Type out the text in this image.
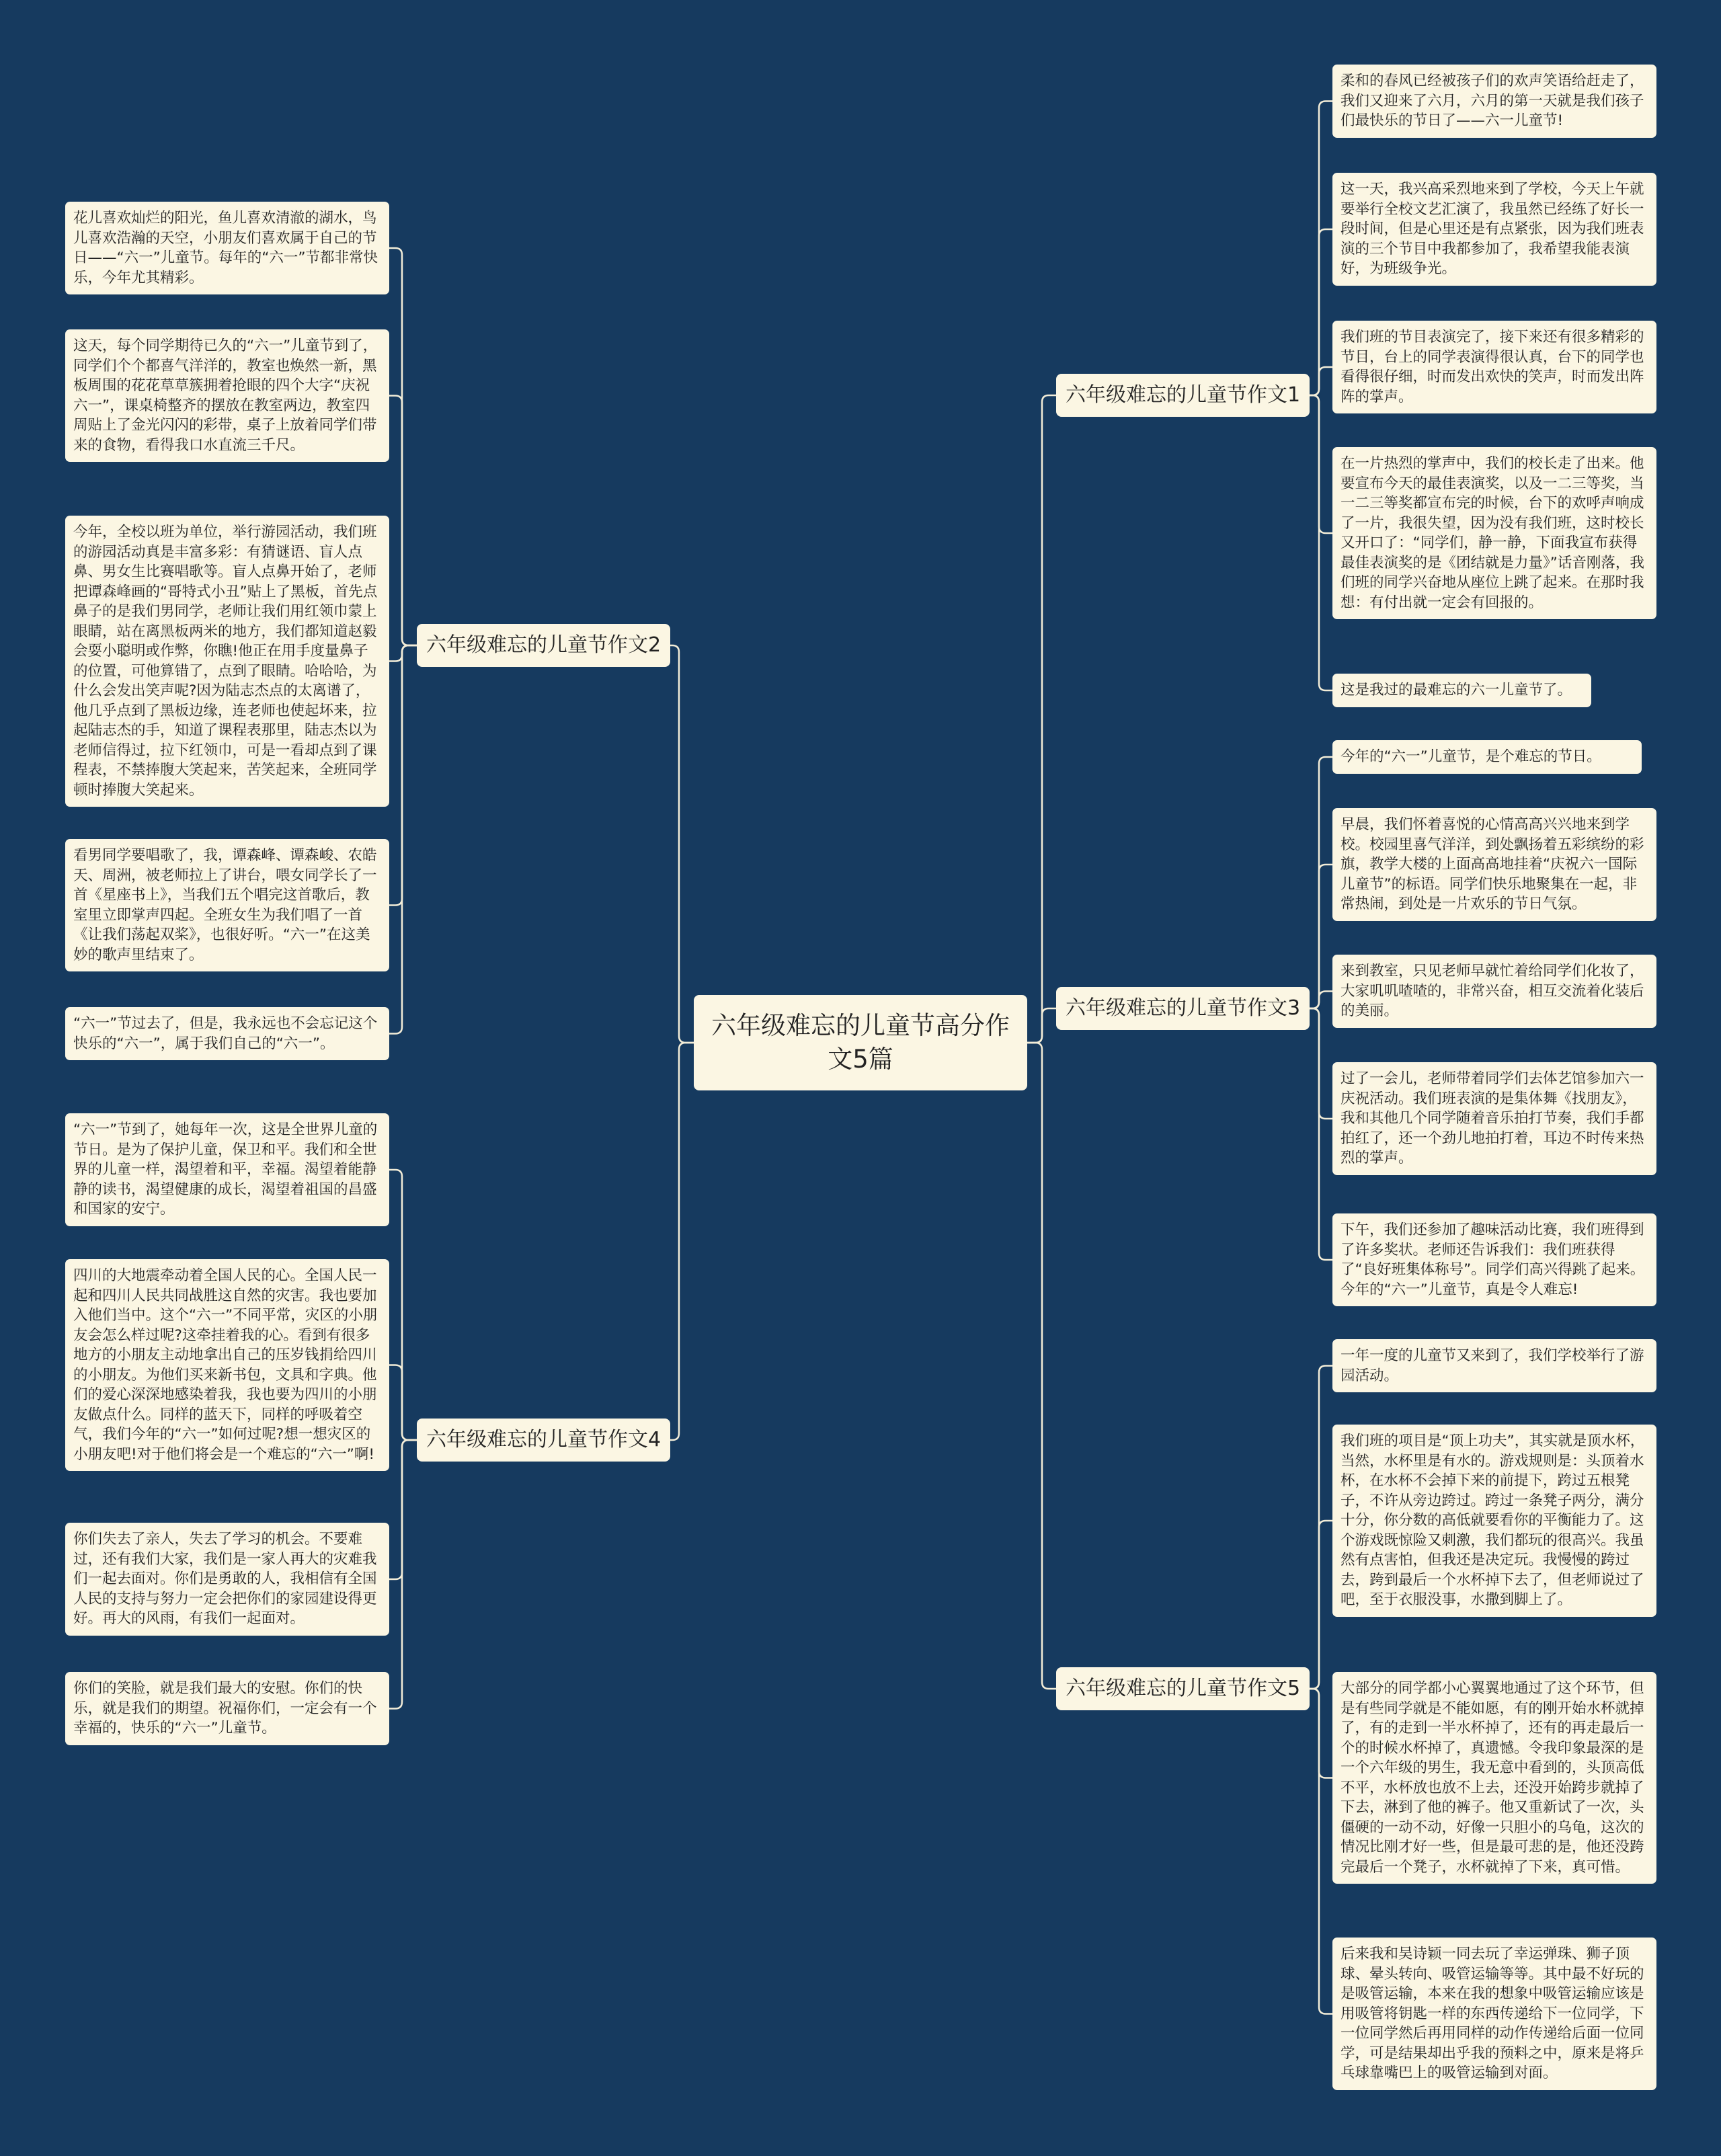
六年级难忘的儿童节高分作文5篇
六年级难忘的儿童节作文1
柔和的春风已经被孩子们的欢声笑语给赶走了，我们又迎来了六月，六月的第一天就是我们孩子们最快乐的节日了——六一儿童节!
这一天，我兴高采烈地来到了学校，今天上午就要举行全校文艺汇演了，我虽然已经练了好长一段时间，但是心里还是有点紧张，因为我们班表演的三个节目中我都参加了，我希望我能表演好，为班级争光。
我们班的节目表演完了，接下来还有很多精彩的节目，台上的同学表演得很认真，台下的同学也看得很仔细，时而发出欢快的笑声，时而发出阵阵的掌声。
在一片热烈的掌声中，我们的校长走了出来。他要宣布今天的最佳表演奖，以及一二三等奖，当一二三等奖都宣布完的时候，台下的欢呼声响成了一片，我很失望，因为没有我们班，这时校长又开口了：“同学们，静一静，下面我宣布获得最佳表演奖的是《团结就是力量》”话音刚落，我们班的同学兴奋地从座位上跳了起来。在那时我想：有付出就一定会有回报的。
这是我过的最难忘的六一儿童节了。
六年级难忘的儿童节作文3
今年的“六一”儿童节，是个难忘的节日。
早晨，我们怀着喜悦的心情高高兴兴地来到学校。校园里喜气洋洋，到处飘扬着五彩缤纷的彩旗，教学大楼的上面高高地挂着“庆祝六一国际儿童节”的标语。同学们快乐地聚集在一起，非常热闹，到处是一片欢乐的节日气氛。
来到教室，只见老师早就忙着给同学们化妆了，大家叽叽喳喳的，非常兴奋，相互交流着化装后的美丽。
过了一会儿，老师带着同学们去体艺馆参加六一庆祝活动。我们班表演的是集体舞《找朋友》，我和其他几个同学随着音乐拍打节奏，我们手都拍红了，还一个劲儿地拍打着，耳边不时传来热烈的掌声。
下午，我们还参加了趣味活动比赛，我们班得到了许多奖状。老师还告诉我们：我们班获得了“良好班集体称号”。同学们高兴得跳了起来。今年的“六一”儿童节，真是令人难忘!
六年级难忘的儿童节作文5
一年一度的儿童节又来到了，我们学校举行了游园活动。
我们班的项目是“顶上功夫”，其实就是顶水杯，当然，水杯里是有水的。游戏规则是：头顶着水杯，在水杯不会掉下来的前提下，跨过五根凳子，不许从旁边跨过。跨过一条凳子两分，满分十分，你分数的高低就要看你的平衡能力了。这个游戏既惊险又刺激，我们都玩的很高兴。我虽然有点害怕，但我还是决定玩。我慢慢的跨过去，跨到最后一个水杯掉下去了，但老师说过了吧，至于衣服没事，水撒到脚上了。
大部分的同学都小心翼翼地通过了这个环节，但是有些同学就是不能如愿，有的刚开始水杯就掉了，有的走到一半水杯掉了，还有的再走最后一个的时候水杯掉了，真遗憾。令我印象最深的是一个六年级的男生，我无意中看到的，头顶高低不平，水杯放也放不上去，还没开始跨步就掉了下去，淋到了他的裤子。他又重新试了一次，头僵硬的一动不动，好像一只胆小的乌龟，这次的情况比刚才好一些，但是最可悲的是，他还没跨完最后一个凳子，水杯就掉了下来，真可惜。
后来我和吴诗颖一同去玩了幸运弹珠、狮子顶球、晕头转向、吸管运输等等。其中最不好玩的是吸管运输，本来在我的想象中吸管运输应该是用吸管将钥匙一样的东西传递给下一位同学，下一位同学然后再用同样的动作传递给后面一位同学，可是结果却出乎我的预料之中，原来是将乒乓球靠嘴巴上的吸管运输到对面。
六年级难忘的儿童节作文2
花儿喜欢灿烂的阳光，鱼儿喜欢清澈的湖水，鸟儿喜欢浩瀚的天空，小朋友们喜欢属于自己的节日——“六一”儿童节。每年的“六一”节都非常快乐，今年尤其精彩。
这天，每个同学期待已久的“六一”儿童节到了，同学们个个都喜气洋洋的，教室也焕然一新，黑板周围的花花草草簇拥着抢眼的四个大字“庆祝六一”，课桌椅整齐的摆放在教室两边，教室四周贴上了金光闪闪的彩带，桌子上放着同学们带来的食物，看得我口水直流三千尺。
今年，全校以班为单位，举行游园活动，我们班的游园活动真是丰富多彩：有猜谜语、盲人点鼻、男女生比赛唱歌等。盲人点鼻开始了，老师把谭森峰画的“哥特式小丑”贴上了黑板，首先点鼻子的是我们男同学，老师让我们用红领巾蒙上眼睛，站在离黑板两米的地方，我们都知道赵毅会耍小聪明或作弊，你瞧!他正在用手度量鼻子的位置，可他算错了，点到了眼睛。哈哈哈，为什么会发出笑声呢?因为陆志杰点的太离谱了，他几乎点到了黑板边缘，连老师也使起坏来，拉起陆志杰的手，知道了课程表那里，陆志杰以为老师信得过，拉下红领巾，可是一看却点到了课程表，不禁捧腹大笑起来，苦笑起来，全班同学顿时捧腹大笑起来。
看男同学要唱歌了，我，谭森峰、谭森峻、农皓天、周洲，被老师拉上了讲台，喂女同学长了一首《星座书上》，当我们五个唱完这首歌后，教室里立即掌声四起。全班女生为我们唱了一首《让我们荡起双桨》，也很好听。“六一”在这美妙的歌声里结束了。
“六一”节过去了，但是，我永远也不会忘记这个快乐的“六一”，属于我们自己的“六一”。
六年级难忘的儿童节作文4
“六一”节到了，她每年一次，这是全世界儿童的节日。是为了保护儿童，保卫和平。我们和全世界的儿童一样，渴望着和平，幸福。渴望着能静静的读书，渴望健康的成长，渴望着祖国的昌盛和国家的安宁。
四川的大地震牵动着全国人民的心。全国人民一起和四川人民共同战胜这自然的灾害。我也要加入他们当中。这个“六一”不同平常，灾区的小朋友会怎么样过呢?这牵挂着我的心。看到有很多地方的小朋友主动地拿出自己的压岁钱捐给四川的小朋友。为他们买来新书包，文具和字典。他们的爱心深深地感染着我，我也要为四川的小朋友做点什么。同样的蓝天下，同样的呼吸着空气，我们今年的“六一”如何过呢?想一想灾区的小朋友吧!对于他们将会是一个难忘的“六一”啊!
你们失去了亲人，失去了学习的机会。不要难过，还有我们大家，我们是一家人再大的灾难我们一起去面对。你们是勇敢的人，我相信有全国人民的支持与努力一定会把你们的家园建设得更好。再大的风雨，有我们一起面对。
你们的笑脸，就是我们最大的安慰。你们的快乐，就是我们的期望。祝福你们，一定会有一个幸福的，快乐的“六一”儿童节。
